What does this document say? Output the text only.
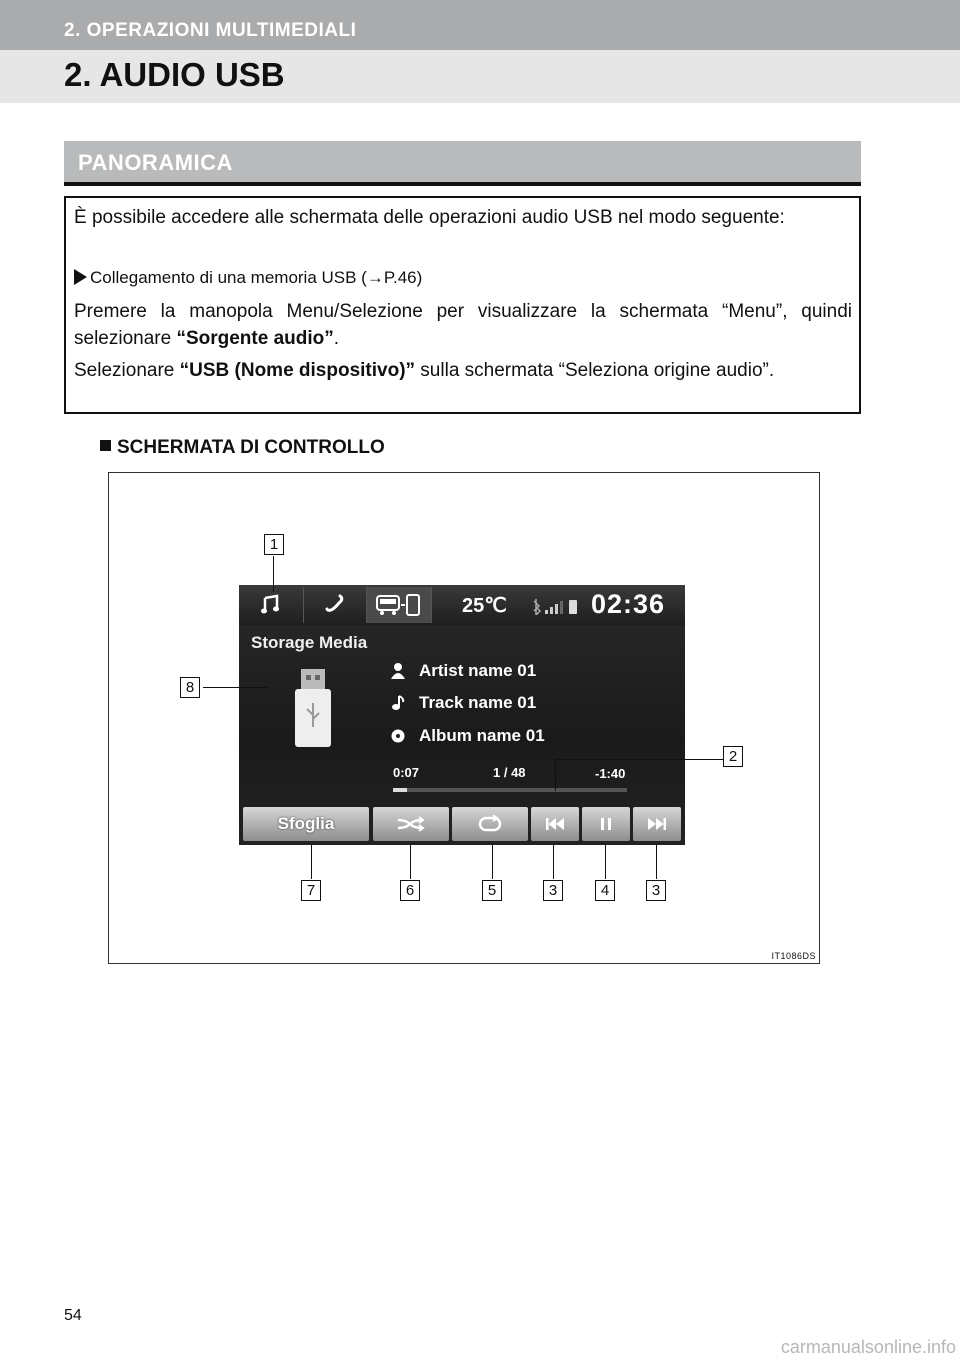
2. OPERAZIONI MULTIMEDIALI
2. AUDIO USB
PANORAMICA
È possibile accedere alle schermata delle operazioni audio USB nel modo seguente:
Collegamento di una memoria USB (→P.46)
Premere la manopola Menu/Selezione per visualizzare la schermata “Menu”, quindi selezionare “Sorgente audio”.
Selezionare “USB (Nome dispositivo)” sulla schermata “Seleziona origine audio”.
SCHERMATA DI CONTROLLO
25℃	02:36
Storage Media
Artist name 01
Track name 01
Album name 01
0:07	1 / 48	-1:40
Sfoglia
1
2
3	3
4
5
6
7
8
IT1086DS
54
carmanualsonline.info
